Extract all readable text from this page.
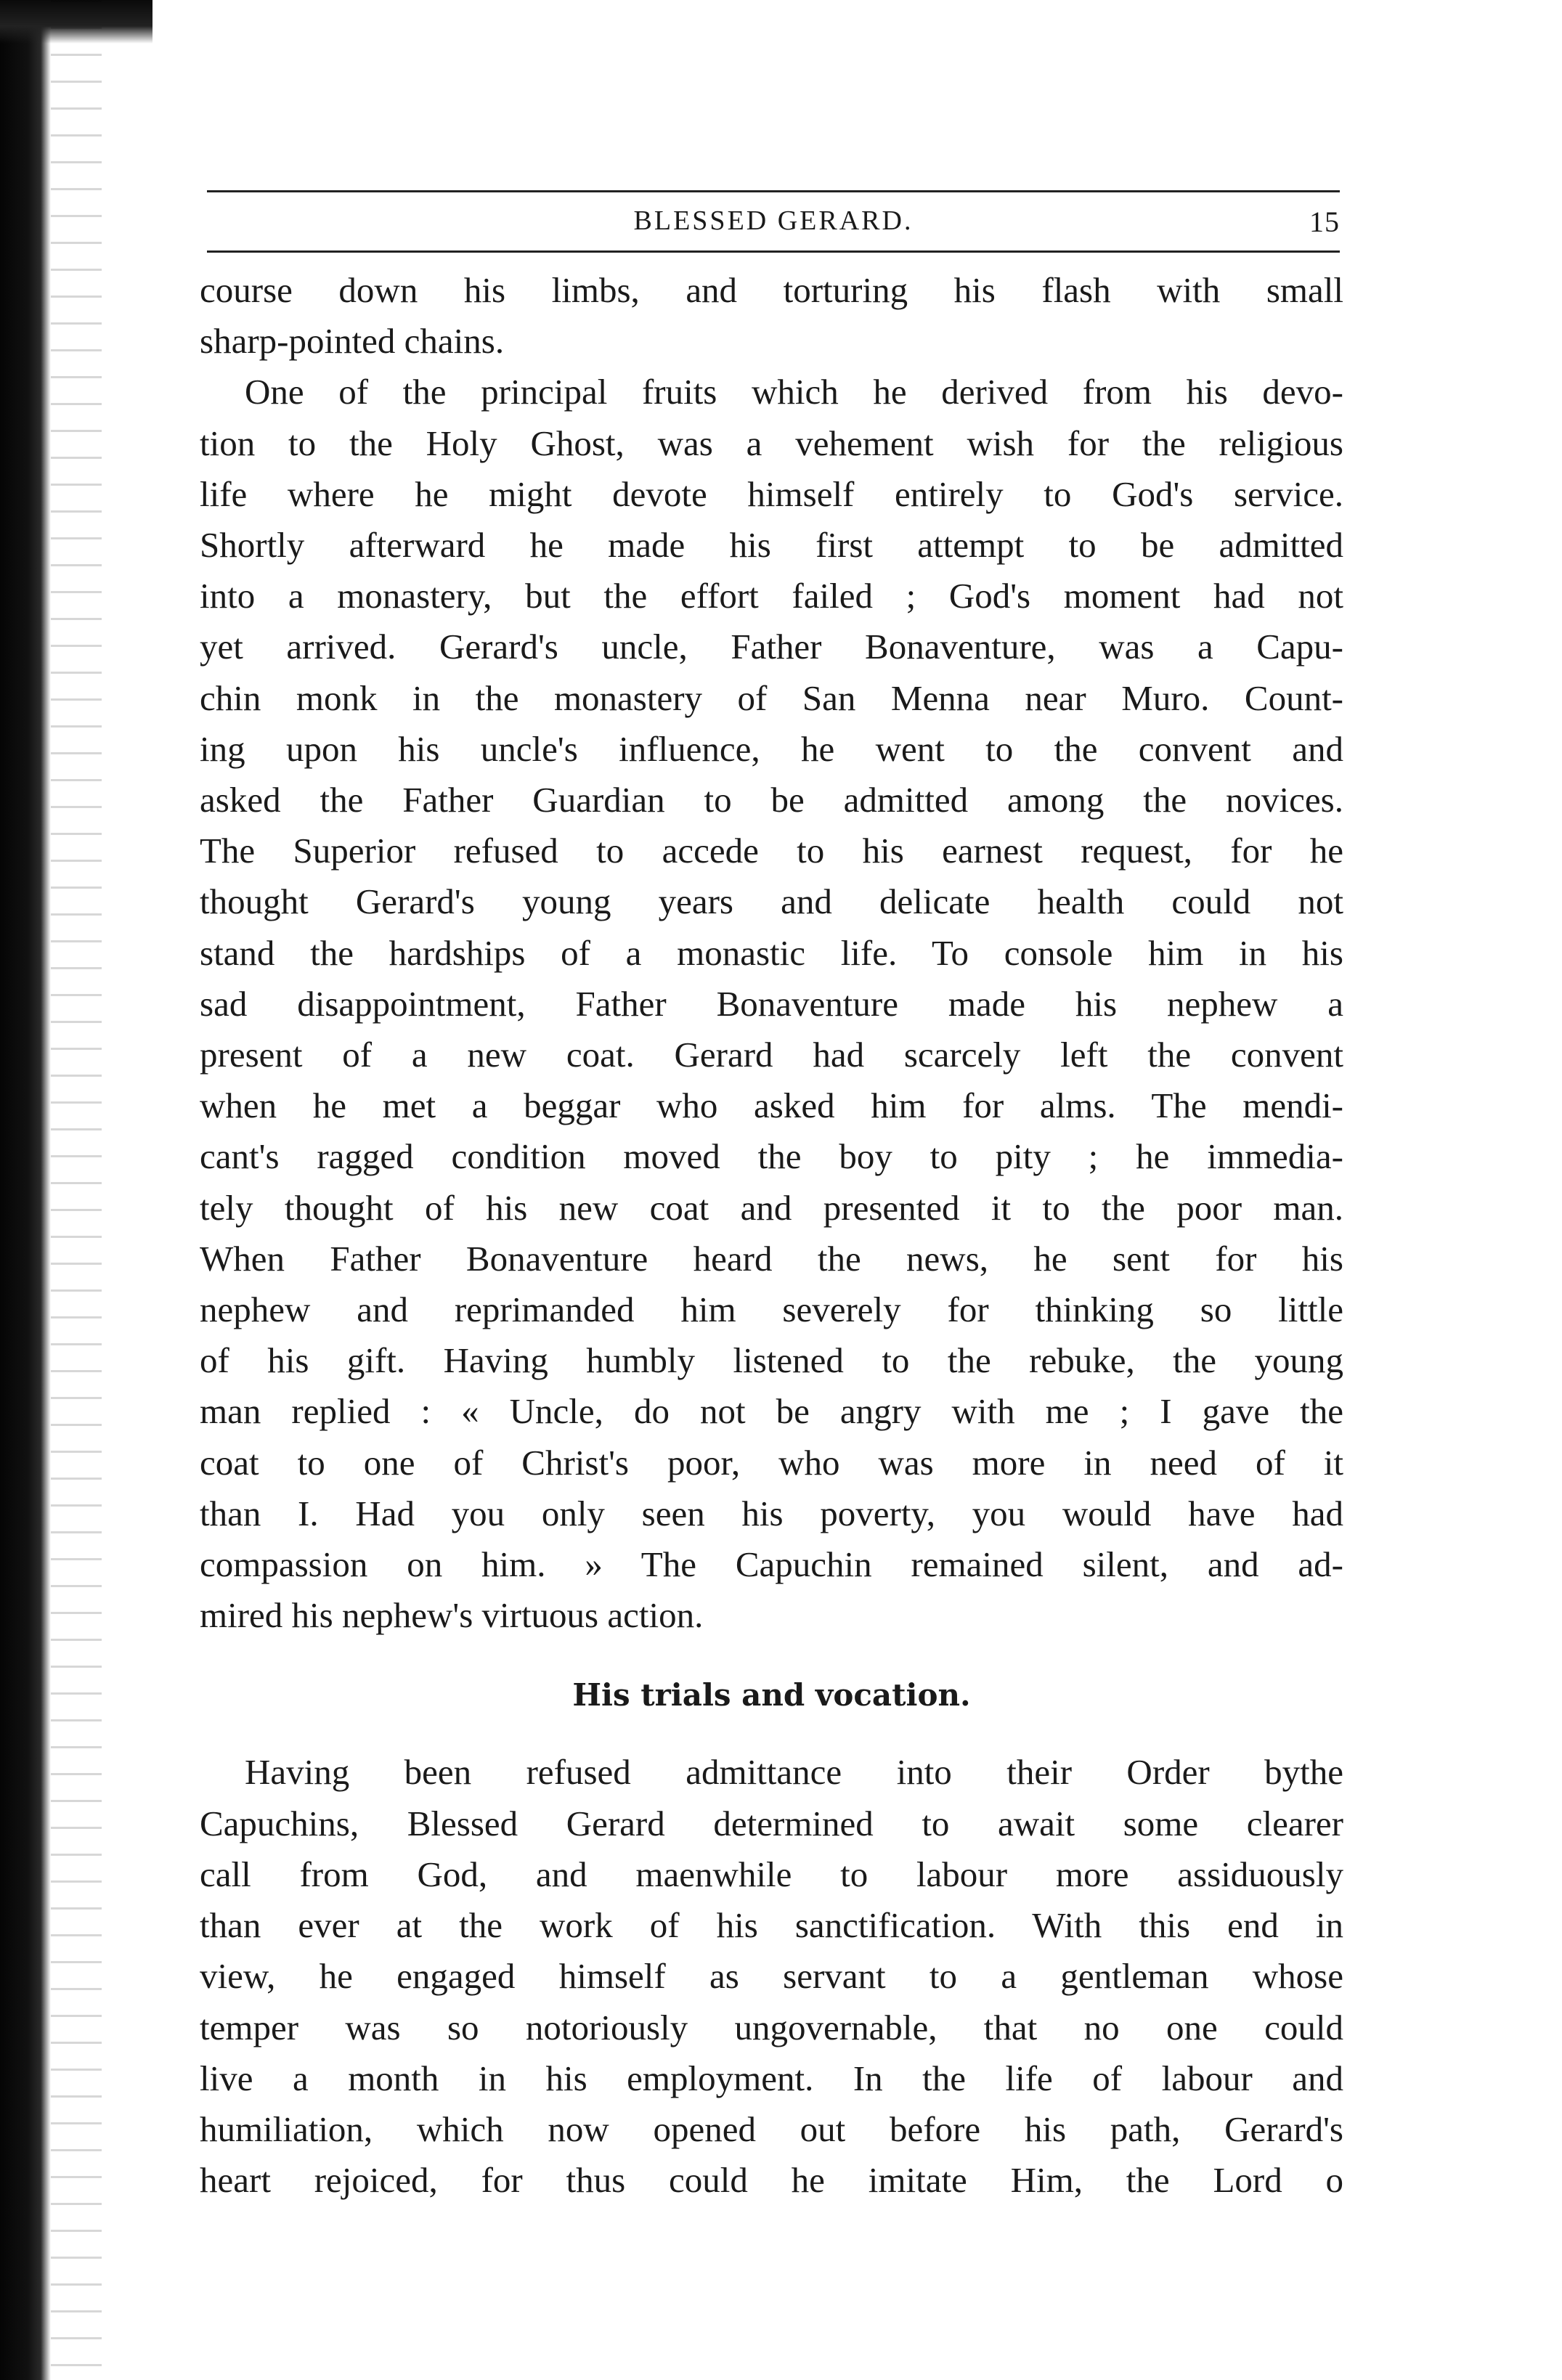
BLESSED GERARD.	15
course down his limbs, and torturing his flash with small
sharp-pointed chains.
One of the principal fruits which he derived from his devo-
tion to the Holy Ghost, was a vehement wish for the religious
life where he might devote himself entirely to God's service.
Shortly afterward he made his first attempt to be admitted
into a monastery, but the effort failed ; God's moment had not
yet arrived. Gerard's uncle, Father Bonaventure, was a Capu-
chin monk in the monastery of San Menna near Muro. Count-
ing upon his uncle's influence, he went to the convent and
asked the Father Guardian to be admitted among the novices.
The Superior refused to accede to his earnest request, for he
thought Gerard's young years and delicate health could not
stand the hardships of a monastic life. To console him in his
sad disappointment, Father Bonaventure made his nephew a
present of a new coat. Gerard had scarcely left the convent
when he met a beggar who asked him for alms. The mendi-
cant's ragged condition moved the boy to pity ; he immedia-
tely thought of his new coat and presented it to the poor man.
When Father Bonaventure heard the news, he sent for his
nephew and reprimanded him severely for thinking so little
of his gift. Having humbly listened to the rebuke, the young
man replied : « Uncle, do not be angry with me ; I gave the
coat to one of Christ's poor, who was more in need of it
than I. Had you only seen his poverty, you would have had
compassion on him. » The Capuchin remained silent, and ad-
mired his nephew's virtuous action.
His trials and vocation.
Having been refused admittance into their Order bythe
Capuchins, Blessed Gerard determined to await some clearer
call from God, and maenwhile to labour more assiduously
than ever at the work of his sanctification. With this end in
view, he engaged himself as servant to a gentleman whose
temper was so notoriously ungovernable, that no one could
live a month in his employment. In the life of labour and
humiliation, which now opened out before his path, Gerard's
heart rejoiced, for thus could he imitate Him, the Lord o
